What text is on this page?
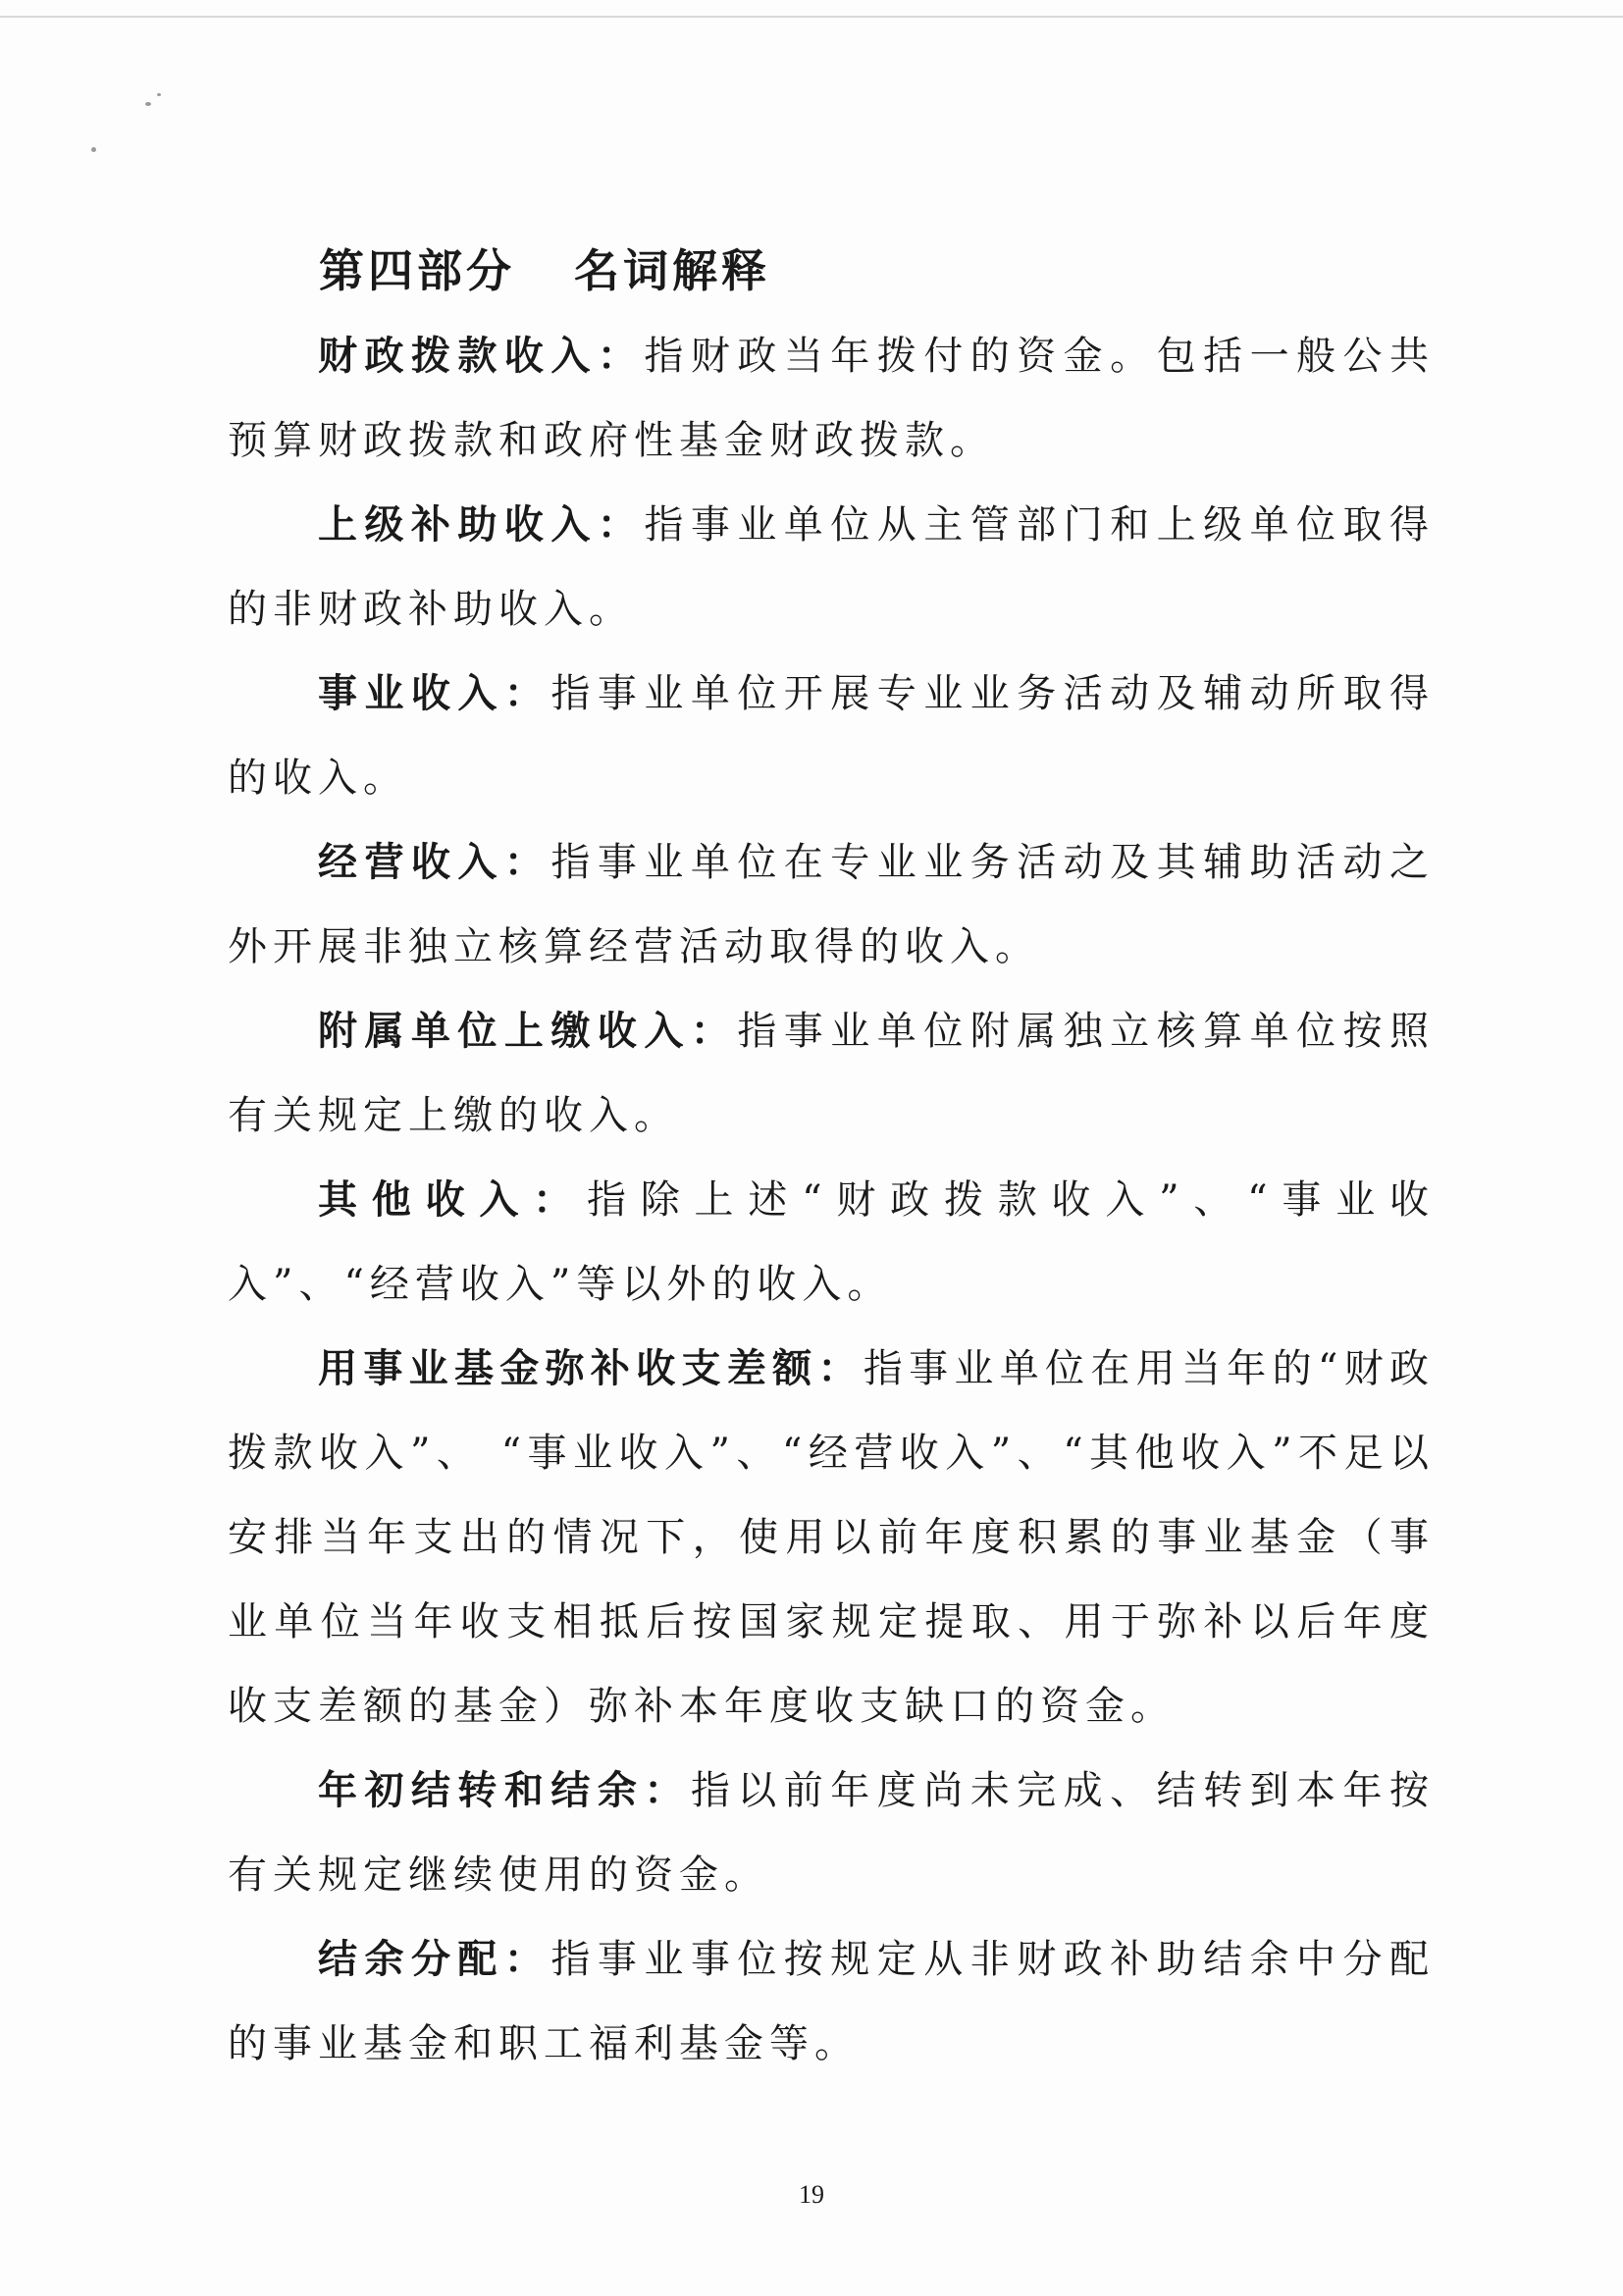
第四部分 名词解释

财政拨款收入：指财政当年拨付的资金。包括一般公共预算财政拨款和政府性基金财政拨款。

上级补助收入：指事业单位从主管部门和上级单位取得的非财政补助收入。

事业收入：指事业单位开展专业业务活动及辅动所取得的收入。

经营收入：指事业单位在专业业务活动及其辅助活动之外开展非独立核算经营活动取得的收入。

附属单位上缴收入：指事业单位附属独立核算单位按照有关规定上缴的收入。

其他收入：指除上述“财政拨款收入”、“事业收入”、“经营收入”等以外的收入。

用事业基金弥补收支差额：指事业单位在用当年的“财政拨款收入”、 “事业收入”、“经营收入”、“其他收入”不足以安排当年支出的情况下，使用以前年度积累的事业基金（事业单位当年收支相抵后按国家规定提取、用于弥补以后年度收支差额的基金）弥补本年度收支缺口的资金。

年初结转和结余：指以前年度尚未完成、结转到本年按有关规定继续使用的资金。

结余分配：指事业事位按规定从非财政补助结余中分配的事业基金和职工福利基金等。

19
